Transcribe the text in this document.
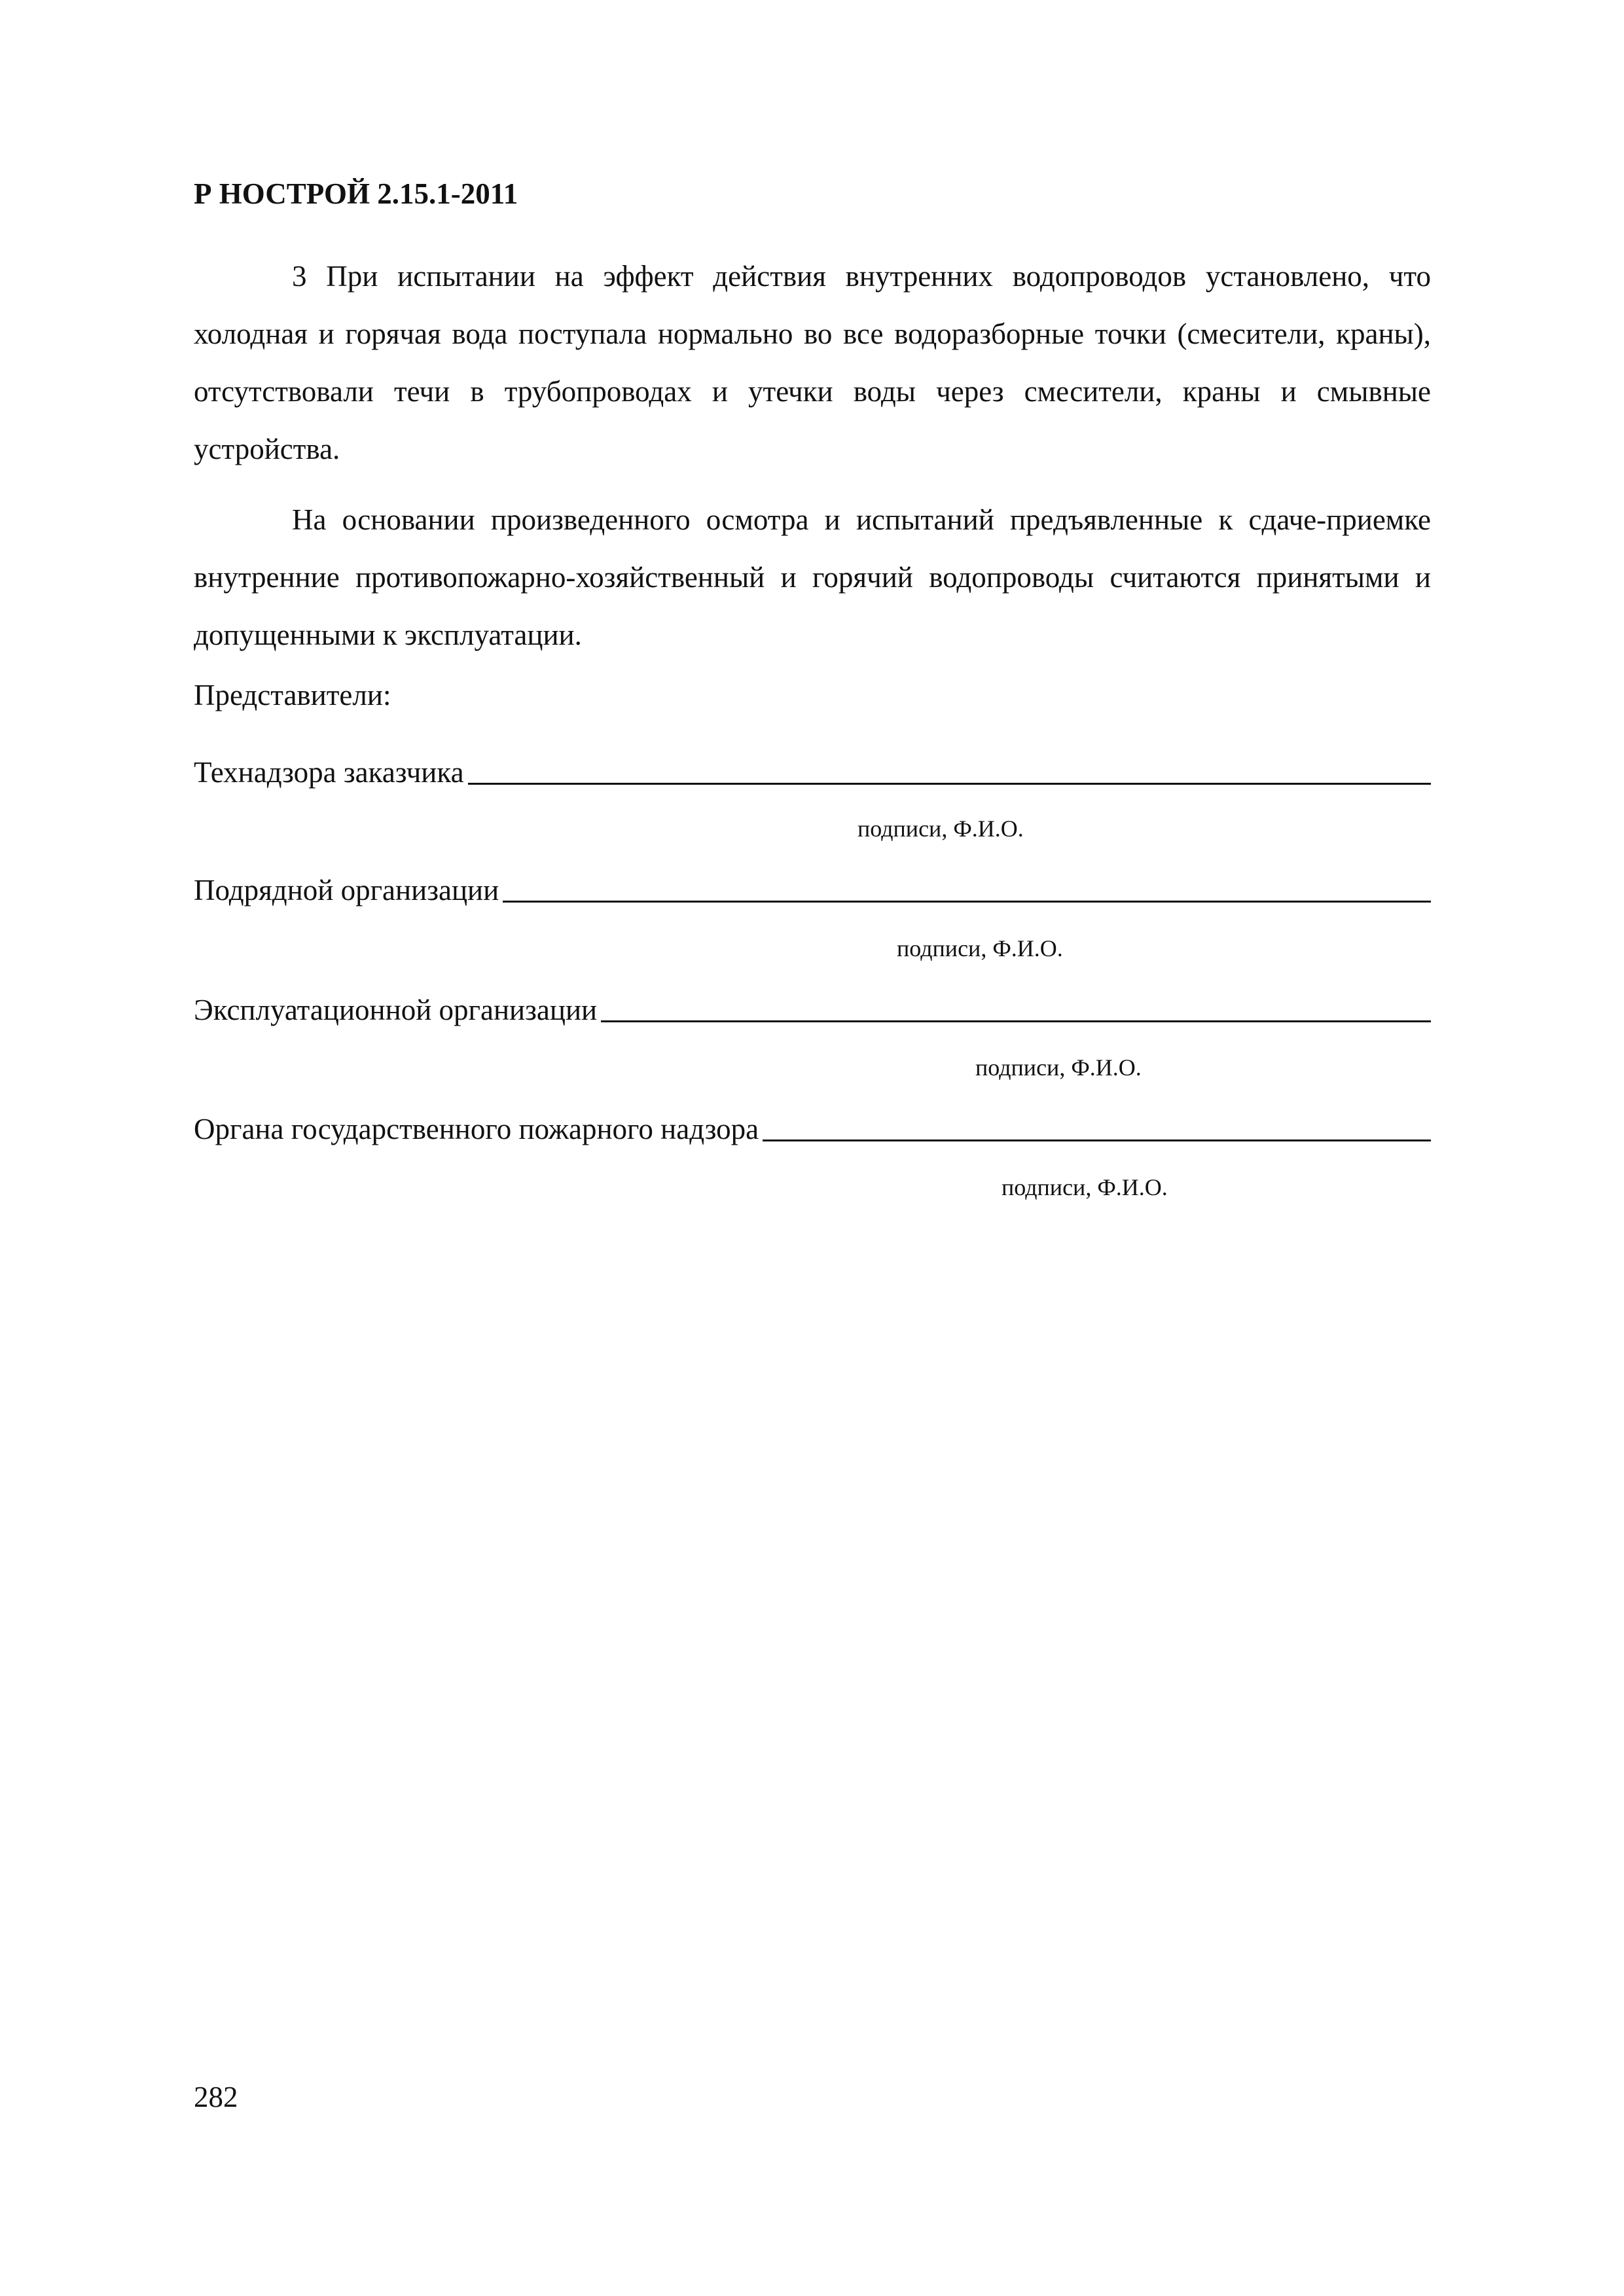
Р НОСТРОЙ 2.15.1-2011
3 При испытании на эффект действия внутренних водопроводов установлено, что холодная и горячая вода поступала нормально во все водоразборные точки (смесители, краны), отсутствовали течи в трубопроводах и утечки воды через смесители, краны и смывные устройства.
На основании произведенного осмотра и испытаний предъявленные к сдаче-приемке внутренние противопожарно-хозяйственный и горячий водопроводы считаются принятыми и допущенными к эксплуатации.
Представители:
Технадзора заказчика
подписи, Ф.И.О.
Подрядной организации
подписи, Ф.И.О.
Эксплуатационной организации
подписи, Ф.И.О.
Органа государственного пожарного надзора
подписи, Ф.И.О.
282
